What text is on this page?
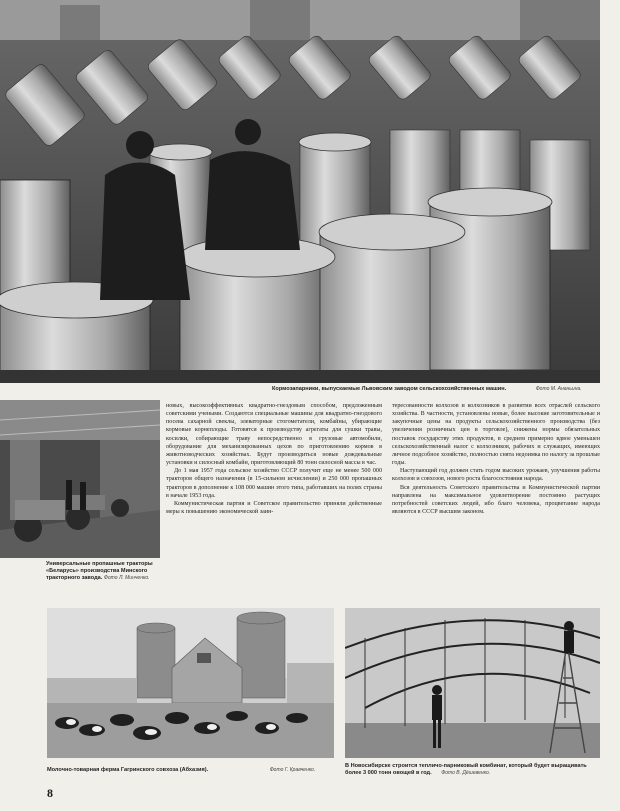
Кормозапарники, выпускаемые Львовским заводом сельскохозяйственных машин.	Фото М. Ананьина.
Универсальные пропашные тракторы «Беларусь» производства Минского тракторного завода. Фото Л. Минченко.

новых, высокоэффективных квадратно-гнездовым способом, предложенным советскими учеными. Создаются специальные машины для квадратно-гнездового посева сахарной свеклы, элеваторные стогометатели, комбайны, убирающие кормовые корнеплоды. Готовятся к производству агрегаты для сушки травы, косилки, собирающие траву непосредственно в грузовые автомобили, оборудование для механизированных цехов по приготовлению кормов в животноводческих хозяйствах. Будут производиться новые дождевальные установки и силосный комбайн, приготовляющий 80 тонн силосной массы в час.

До 1 мая 1957 года сельское хозяйство СССР получит еще не менее 500 000 тракторов общего назначения (в 15-сильном исчислении) и 250 000 пропашных тракторов в дополнение к 108 000 машин этого типа, работавших на полях страны в начале 1953 года.

Коммунистическая партия и Советское правительство приняли действенные меры к повышению экономической заин-

тересованности колхозов и колхозников в развитии всех отраслей сельского хозяйства. В частности, установлены новые, более высокие заготовительные и закупочные цены на продукты сельскохозяйственного производства (без увеличения розничных цен в торговле), снижены нормы обязательных поставок государству этих продуктов, в среднем примерно вдвое уменьшен сельскохозяйственный налог с колхозников, рабочих и служащих, имеющих личное подсобное хозяйство, полностью снята недоимка по налогу за прошлые годы.

Наступающий год должен стать годом высоких урожаев, улучшения работы колхозов и совхозов, нового роста благосостояния народа.

Вся деятельность Советского правительства и Коммунистической партии направлена на максимальное удовлетворение постоянно растущих потребностей советских людей, ибо благо человека, процветание народа являются в СССР высшим законом.

Молочно-товарная ферма Гагринского совхоза (Абхазия).	Фото Г. Кравченко.
В Новосибирске строится тепличо-парниковый комбинат, который будет выращивать более 3 000 тонн овощей в год. Фото В. Дёшевенко.
8
